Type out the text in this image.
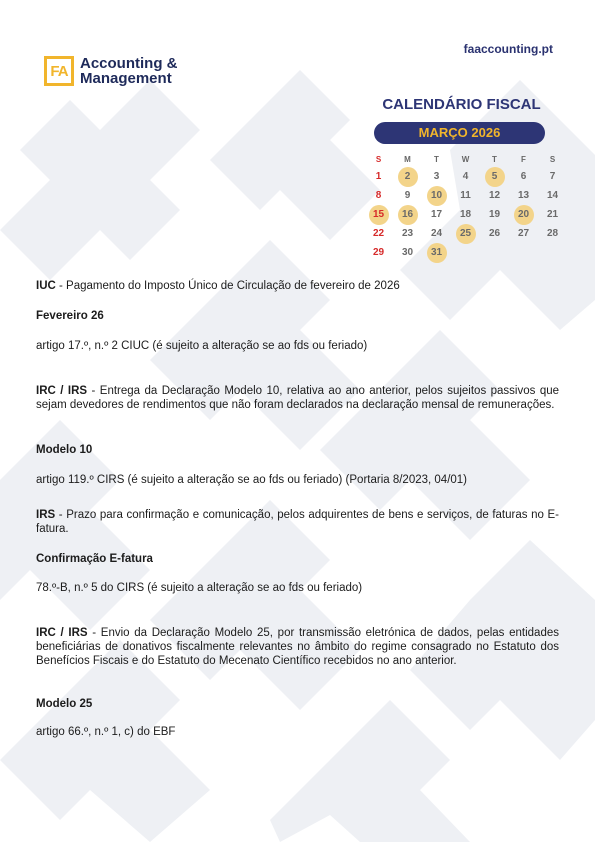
FA Accounting &
Management
faaccounting.pt
CALENDÁRIO FISCAL
MARÇO 2026
S	M	T	W	T	F	S
1 2 3 4 5 6 7
8 9 10 11 12 13 14
15 16 17 18 19 20 21
22 23 24 25 26 27 28
29 30 31
IUC - Pagamento do Imposto Único de Circulação de fevereiro de 2026
Fevereiro 26
artigo 17.º, n.º 2 CIUC (é sujeito a alteração se ao fds ou feriado)
IRC / IRS - Entrega da Declaração Modelo 10, relativa ao ano anterior, pelos sujeitos passivos que sejam devedores de rendimentos que não foram declarados na declaração mensal de remunerações.
Modelo 10
artigo 119.º CIRS (é sujeito a alteração se ao fds ou feriado) (Portaria 8/2023, 04/01)
IRS - Prazo para confirmação e comunicação, pelos adquirentes de bens e serviços, de faturas no E-fatura.
Confirmação E-fatura
78.º-B, n.º 5 do CIRS (é sujeito a alteração se ao fds ou feriado)
IRC / IRS - Envio da Declaração Modelo 25, por transmissão eletrónica de dados, pelas entidades beneficiárias de donativos fiscalmente relevantes no âmbito do regime consagrado no Estatuto dos Benefícios Fiscais e do Estatuto do Mecenato Científico recebidos no ano anterior.
Modelo 25
artigo 66.º, n.º 1, c) do EBF
